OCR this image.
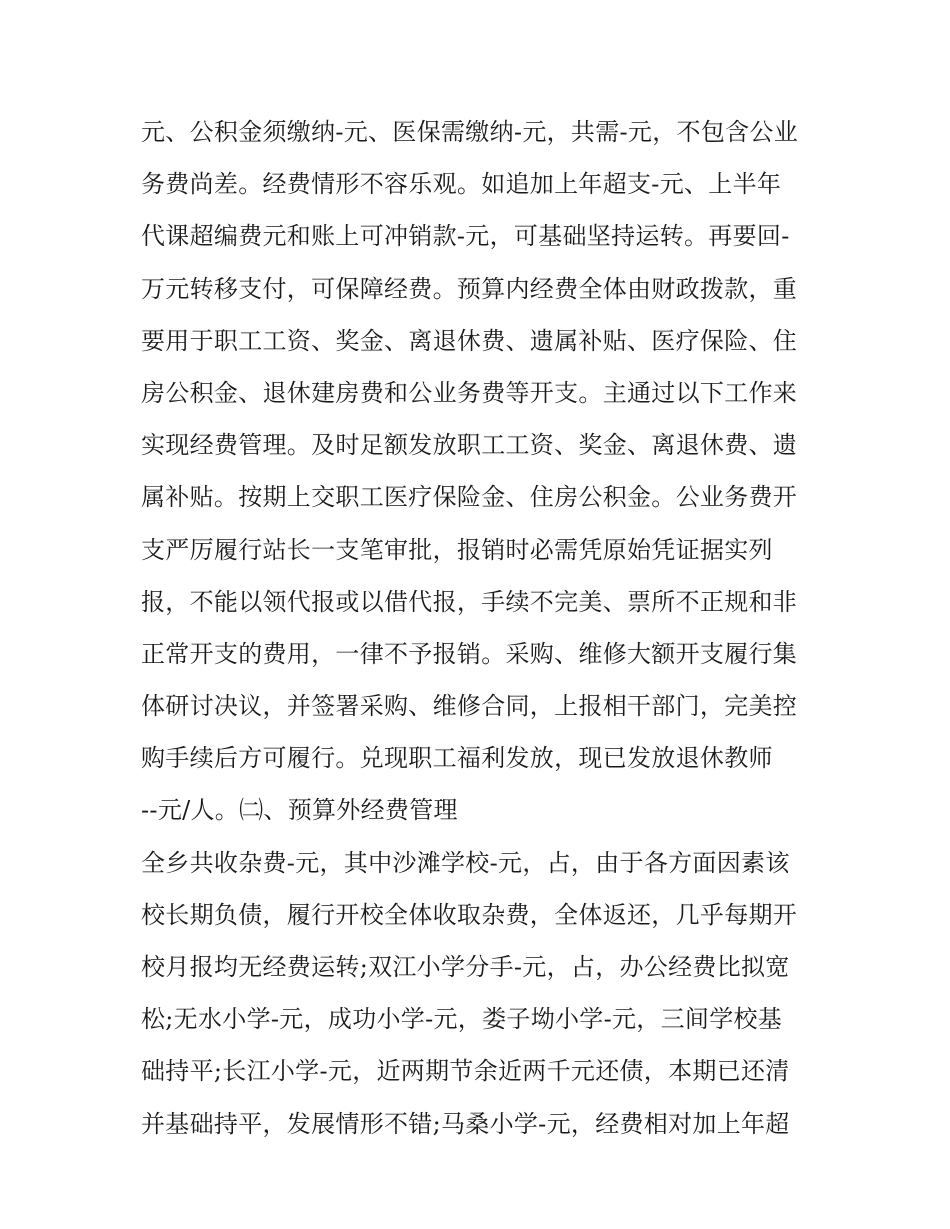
元、公积金须缴纳-元、医保需缴纳-元，共需-元，不包含公业
务费尚差。经费情形不容乐观。如追加上年超支-元、上半年
代课超编费元和账上可冲销款-元，可基础坚持运转。再要回-
万元转移支付，可保障经费。预算内经费全体由财政拨款，重
要用于职工工资、奖金、离退休费、遗属补贴、医疗保险、住
房公积金、退休建房费和公业务费等开支。主通过以下工作来
实现经费管理。及时足额发放职工工资、奖金、离退休费、遗
属补贴。按期上交职工医疗保险金、住房公积金。公业务费开
支严厉履行站长一支笔审批，报销时必需凭原始凭证据实列
报，不能以领代报或以借代报，手续不完美、票所不正规和非
正常开支的费用，一律不予报销。采购、维修大额开支履行集
体研讨决议，并签署采购、维修合同，上报相干部门，完美控
购手续后方可履行。兑现职工福利发放，现已发放退休教师
--元/人。㈡、预算外经费管理
全乡共收杂费-元，其中沙滩学校-元，占，由于各方面因素该
校长期负债，履行开校全体收取杂费，全体返还，几乎每期开
校月报均无经费运转;双江小学分手-元，占，办公经费比拟宽
松;无水小学-元，成功小学-元，娄子坳小学-元，三间学校基
础持平;长江小学-元，近两期节余近两千元还债，本期已还清
并基础持平，发展情形不错;马桑小学-元，经费相对加上年超
